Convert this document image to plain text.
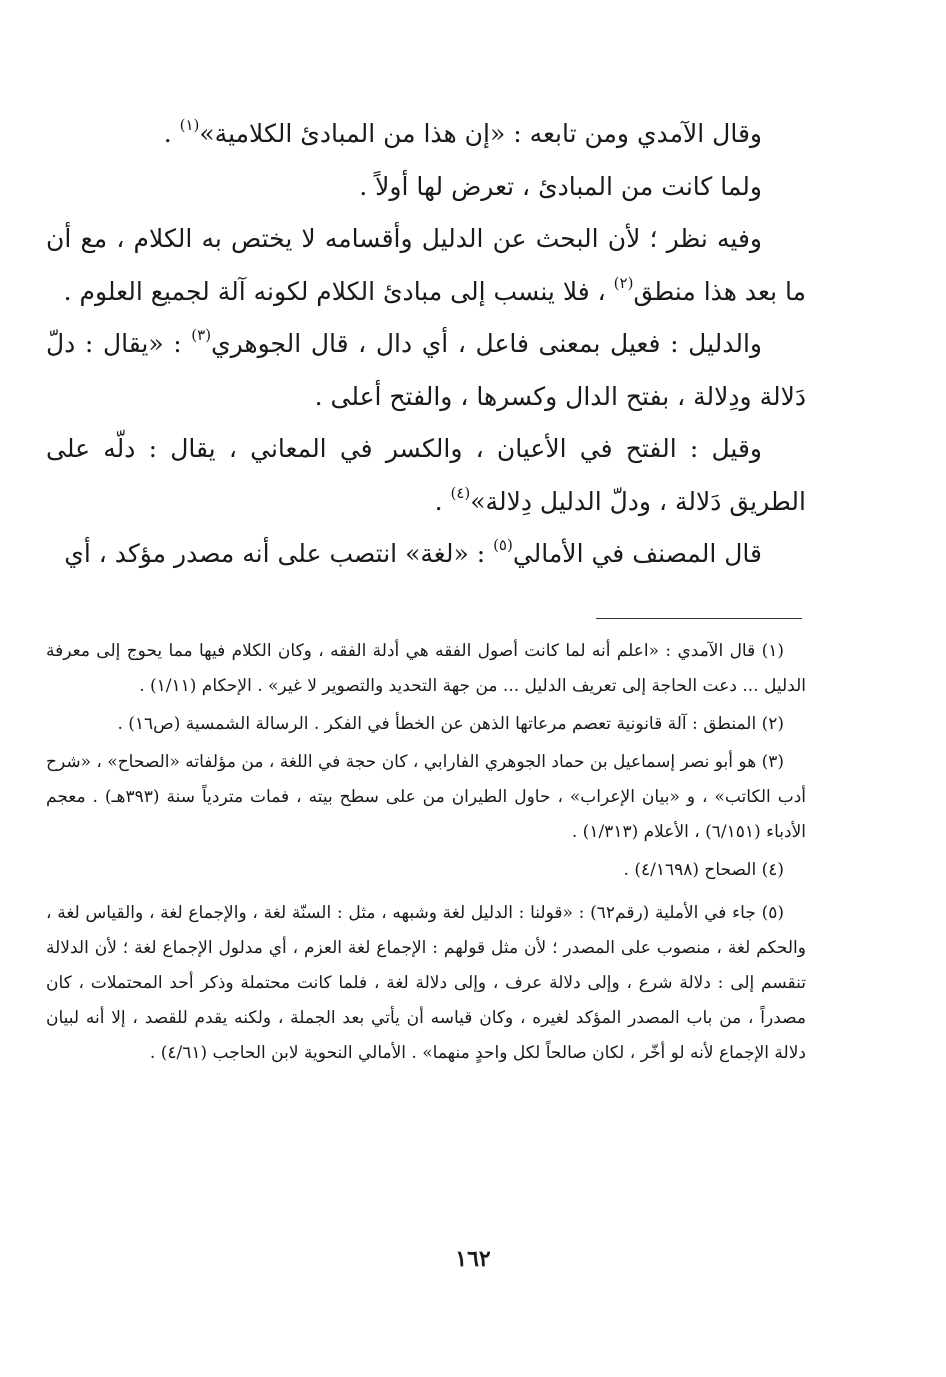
وقال الآمدي ومن تابعه : «إن هذا من المبادئ الكلامية»$^{(١)}$ .

ولما كانت من المبادئ ، تعرض لها أولاً .

وفيه نظر ؛ لأن البحث عن الدليل وأقسامه لا يختص به الكلام ، مع أن ما بعد هذا منطق$^{(٢)}$ ، فلا ينسب إلى مبادئ الكلام لكونه آلة لجميع العلوم .

والدليل : فعيل بمعنى فاعل ، أي دال ، قال الجوهري$^{(٣)}$ : «يقال : دلّ دَلالة ودِلالة ، بفتح الدال وكسرها ، والفتح أعلى .

وقيل : الفتح في الأعيان ، والكسر في المعاني ، يقال : دلّه على الطريق دَلالة ، ودلّ الدليل دِلالة»$^{(٤)}$ .

قال المصنف في الأمالي$^{(٥)}$ : «لغة» انتصب على أنه مصدر مؤكد ، أي

(١) قال الآمدي : «اعلم أنه لما كانت أصول الفقه هي أدلة الفقه ، وكان الكلام فيها مما يحوج إلى معرفة الدليل ... دعت الحاجة إلى تعريف الدليل ... من جهة التحديد والتصوير لا غير» . الإحكام (١/١١) .

(٢) المنطق : آلة قانونية تعصم مرعاتها الذهن عن الخطأ في الفكر . الرسالة الشمسية (ص١٦) .

(٣) هو أبو نصر إسماعيل بن حماد الجوهري الفارابي ، كان حجة في اللغة ، من مؤلفاته «الصحاح» ، «شرح أدب الكاتب» ، و «بيان الإعراب» ، حاول الطيران من على سطح بيته ، فمات متردياً سنة (٣٩٣هـ) . معجم الأدباء (٦/١٥١) ، الأعلام (١/٣١٣) .

(٤) الصحاح (٤/١٦٩٨) .

(٥) جاء في الأملية (رقم٦٢) : «قولنا : الدليل لغة وشبهه ، مثل : السنّة لغة ، والإجماع لغة ، والقياس لغة ، والحكم لغة ، منصوب على المصدر ؛ لأن مثل قولهم : الإجماع لغة العزم ، أي مدلول الإجماع لغة ؛ لأن الدلالة تنقسم إلى : دلالة شرع ، وإلى دلالة عرف ، وإلى دلالة لغة ، فلما كانت محتملة وذكر أحد المحتملات ، كان مصدراً ، من باب المصدر المؤكد لغيره ، وكان قياسه أن يأتي بعد الجملة ، ولكنه يقدم للقصد ، إلا أنه لبيان دلالة الإجماع لأنه لو أخّر ، لكان صالحاً لكل واحدٍ منهما» . الأمالي النحوية لابن الحاجب (٤/٦١) .

١٦٢
